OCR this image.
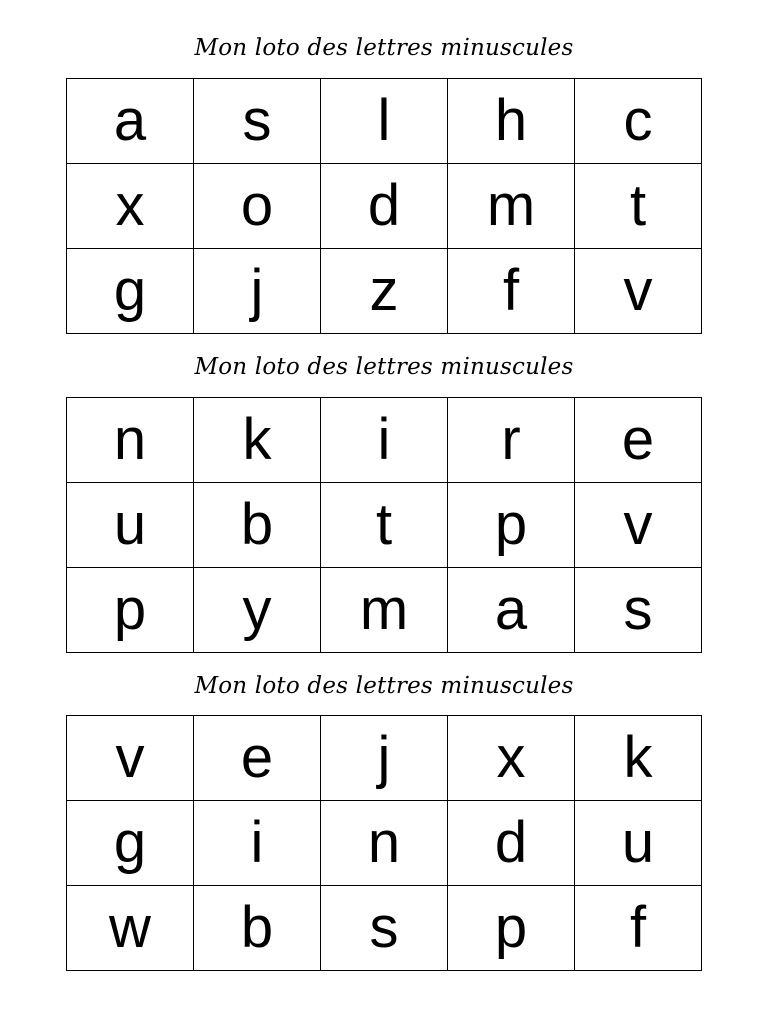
Mon loto des lettres minuscules
a	s	l	h	c
x	o	d	m	t
g	j	z	f	v
Mon loto des lettres minuscules
n	k	i	r	e
u	b	t	p	v
p	y	m	a	s
Mon loto des lettres minuscules
v	e	j	x	k
g	i	n	d	u
w	b	s	p	f
